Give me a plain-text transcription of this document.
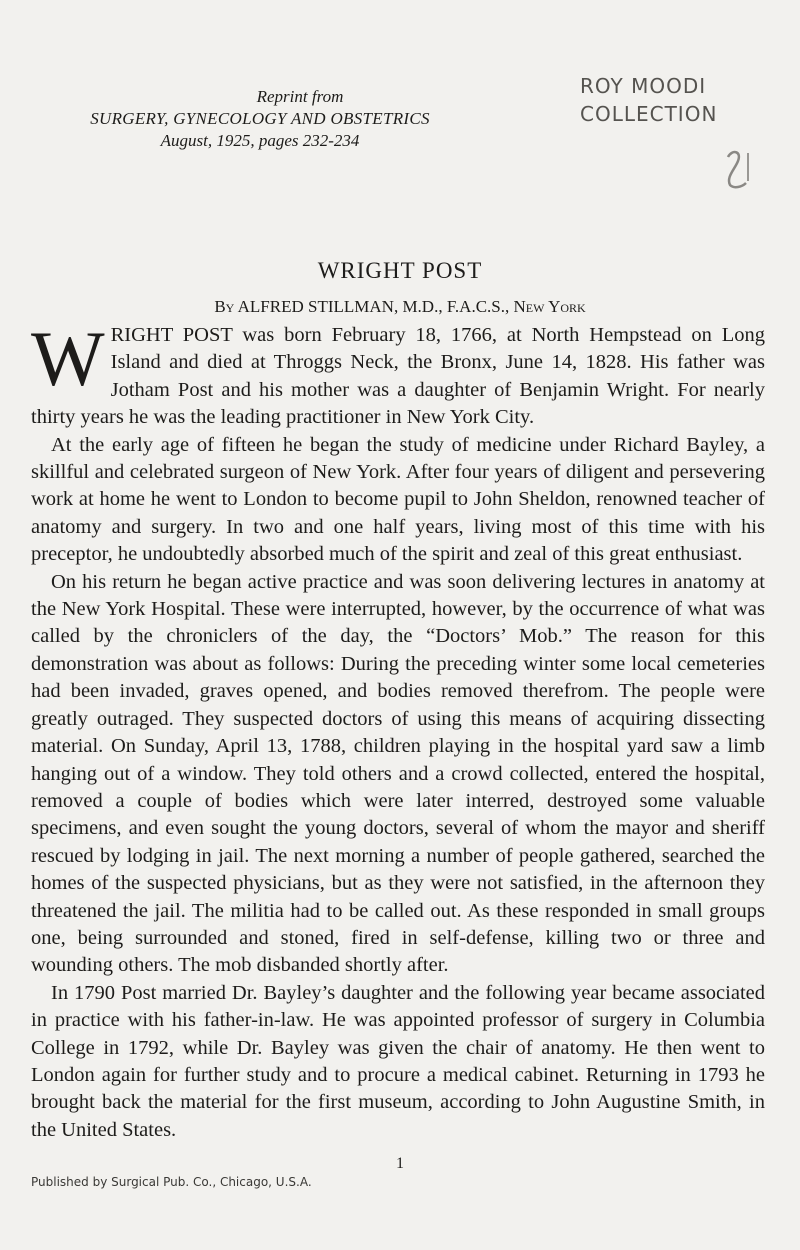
ROY MOODI
COLLECTION
Reprint from
SURGERY, GYNECOLOGY AND OBSTETRICS
August, 1925, pages 232-234
WRIGHT POST
By ALFRED STILLMAN, M.D., F.A.C.S., New York

WRIGHT POST was born February 18, 1766, at North Hempstead on Long Island and died at Throggs Neck, the Bronx, June 14, 1828. His father was Jotham Post and his mother was a daughter of Benjamin Wright. For nearly thirty years he was the leading practitioner in New York City.

At the early age of fifteen he began the study of medicine under Richard Bayley, a skillful and celebrated surgeon of New York. After four years of diligent and persevering work at home he went to London to become pupil to John Sheldon, renowned teacher of anatomy and surgery. In two and one half years, living most of this time with his preceptor, he undoubtedly absorbed much of the spirit and zeal of this great enthusiast.

On his return he began active practice and was soon delivering lectures in anatomy at the New York Hospital. These were interrupted, however, by the occurrence of what was called by the chroniclers of the day, the “Doctors’ Mob.” The reason for this demonstration was about as follows: During the preceding winter some local cemeteries had been invaded, graves opened, and bodies removed therefrom. The people were greatly outraged. They suspected doctors of using this means of acquiring dissecting material. On Sunday, April 13, 1788, children playing in the hospital yard saw a limb hanging out of a window. They told others and a crowd collected, entered the hospital, removed a couple of bodies which were later interred, destroyed some valuable specimens, and even sought the young doctors, several of whom the mayor and sheriff rescued by lodging in jail. The next morning a number of people gathered, searched the homes of the suspected physicians, but as they were not satisfied, in the afternoon they threatened the jail. The militia had to be called out. As these responded in small groups one, being surrounded and stoned, fired in self-defense, killing two or three and wounding others. The mob disbanded shortly after.

In 1790 Post married Dr. Bayley’s daughter and the following year became associated in practice with his father-in-law. He was appointed professor of surgery in Columbia College in 1792, while Dr. Bayley was given the chair of anatomy. He then went to London again for further study and to procure a medical cabinet. Returning in 1793 he brought back the material for the first museum, according to John Augustine Smith, in the United States.

1
Published by Surgical Pub. Co., Chicago, U.S.A.
